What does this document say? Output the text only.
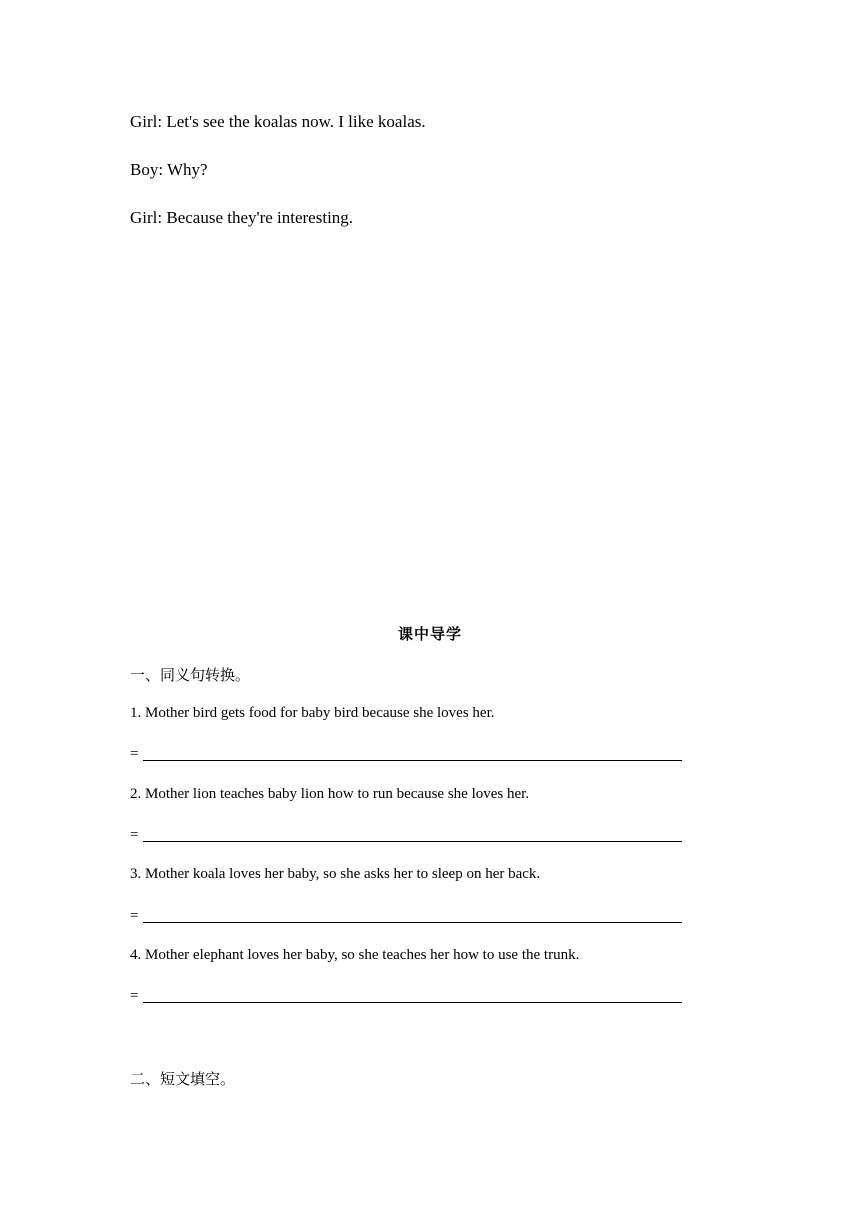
Girl: Let's see the koalas now. I like koalas.
Boy: Why?
Girl: Because they're interesting.
课中导学
一、同义句转换。
1. Mother bird gets food for baby bird because she loves her.
=
2. Mother lion teaches baby lion how to run because she loves her.
=
3. Mother koala loves her baby, so she asks her to sleep on her back.
=
4. Mother elephant loves her baby, so she teaches her how to use the trunk.
=
二、短文填空。
